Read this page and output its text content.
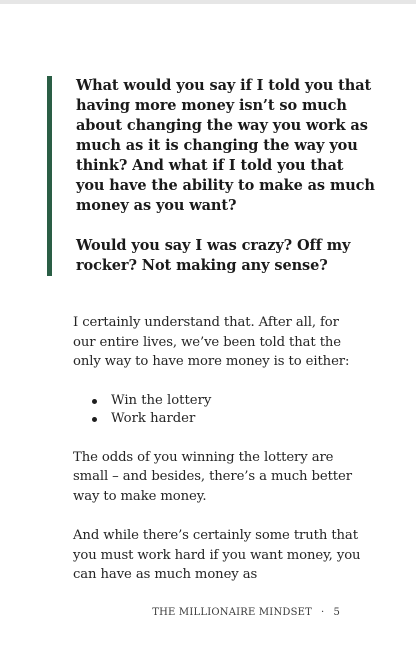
What would you say if I told you that having more money isn’t so much about changing the way you work as much as it is changing the way you think? And what if I told you that you have the ability to make as much money as you want?

Would you say I was crazy? Off my rocker? Not making any sense?

I certainly understand that. After all, for our entire lives, we’ve been told that the only way to have more money is to either:

Win the lottery
Work harder

The odds of you winning the lottery are small – and besides, there’s a much better way to make money.

And while there’s certainly some truth that you must work hard if you want money, you can have as much money as

THE MILLIONAIRE MINDSET · 5
